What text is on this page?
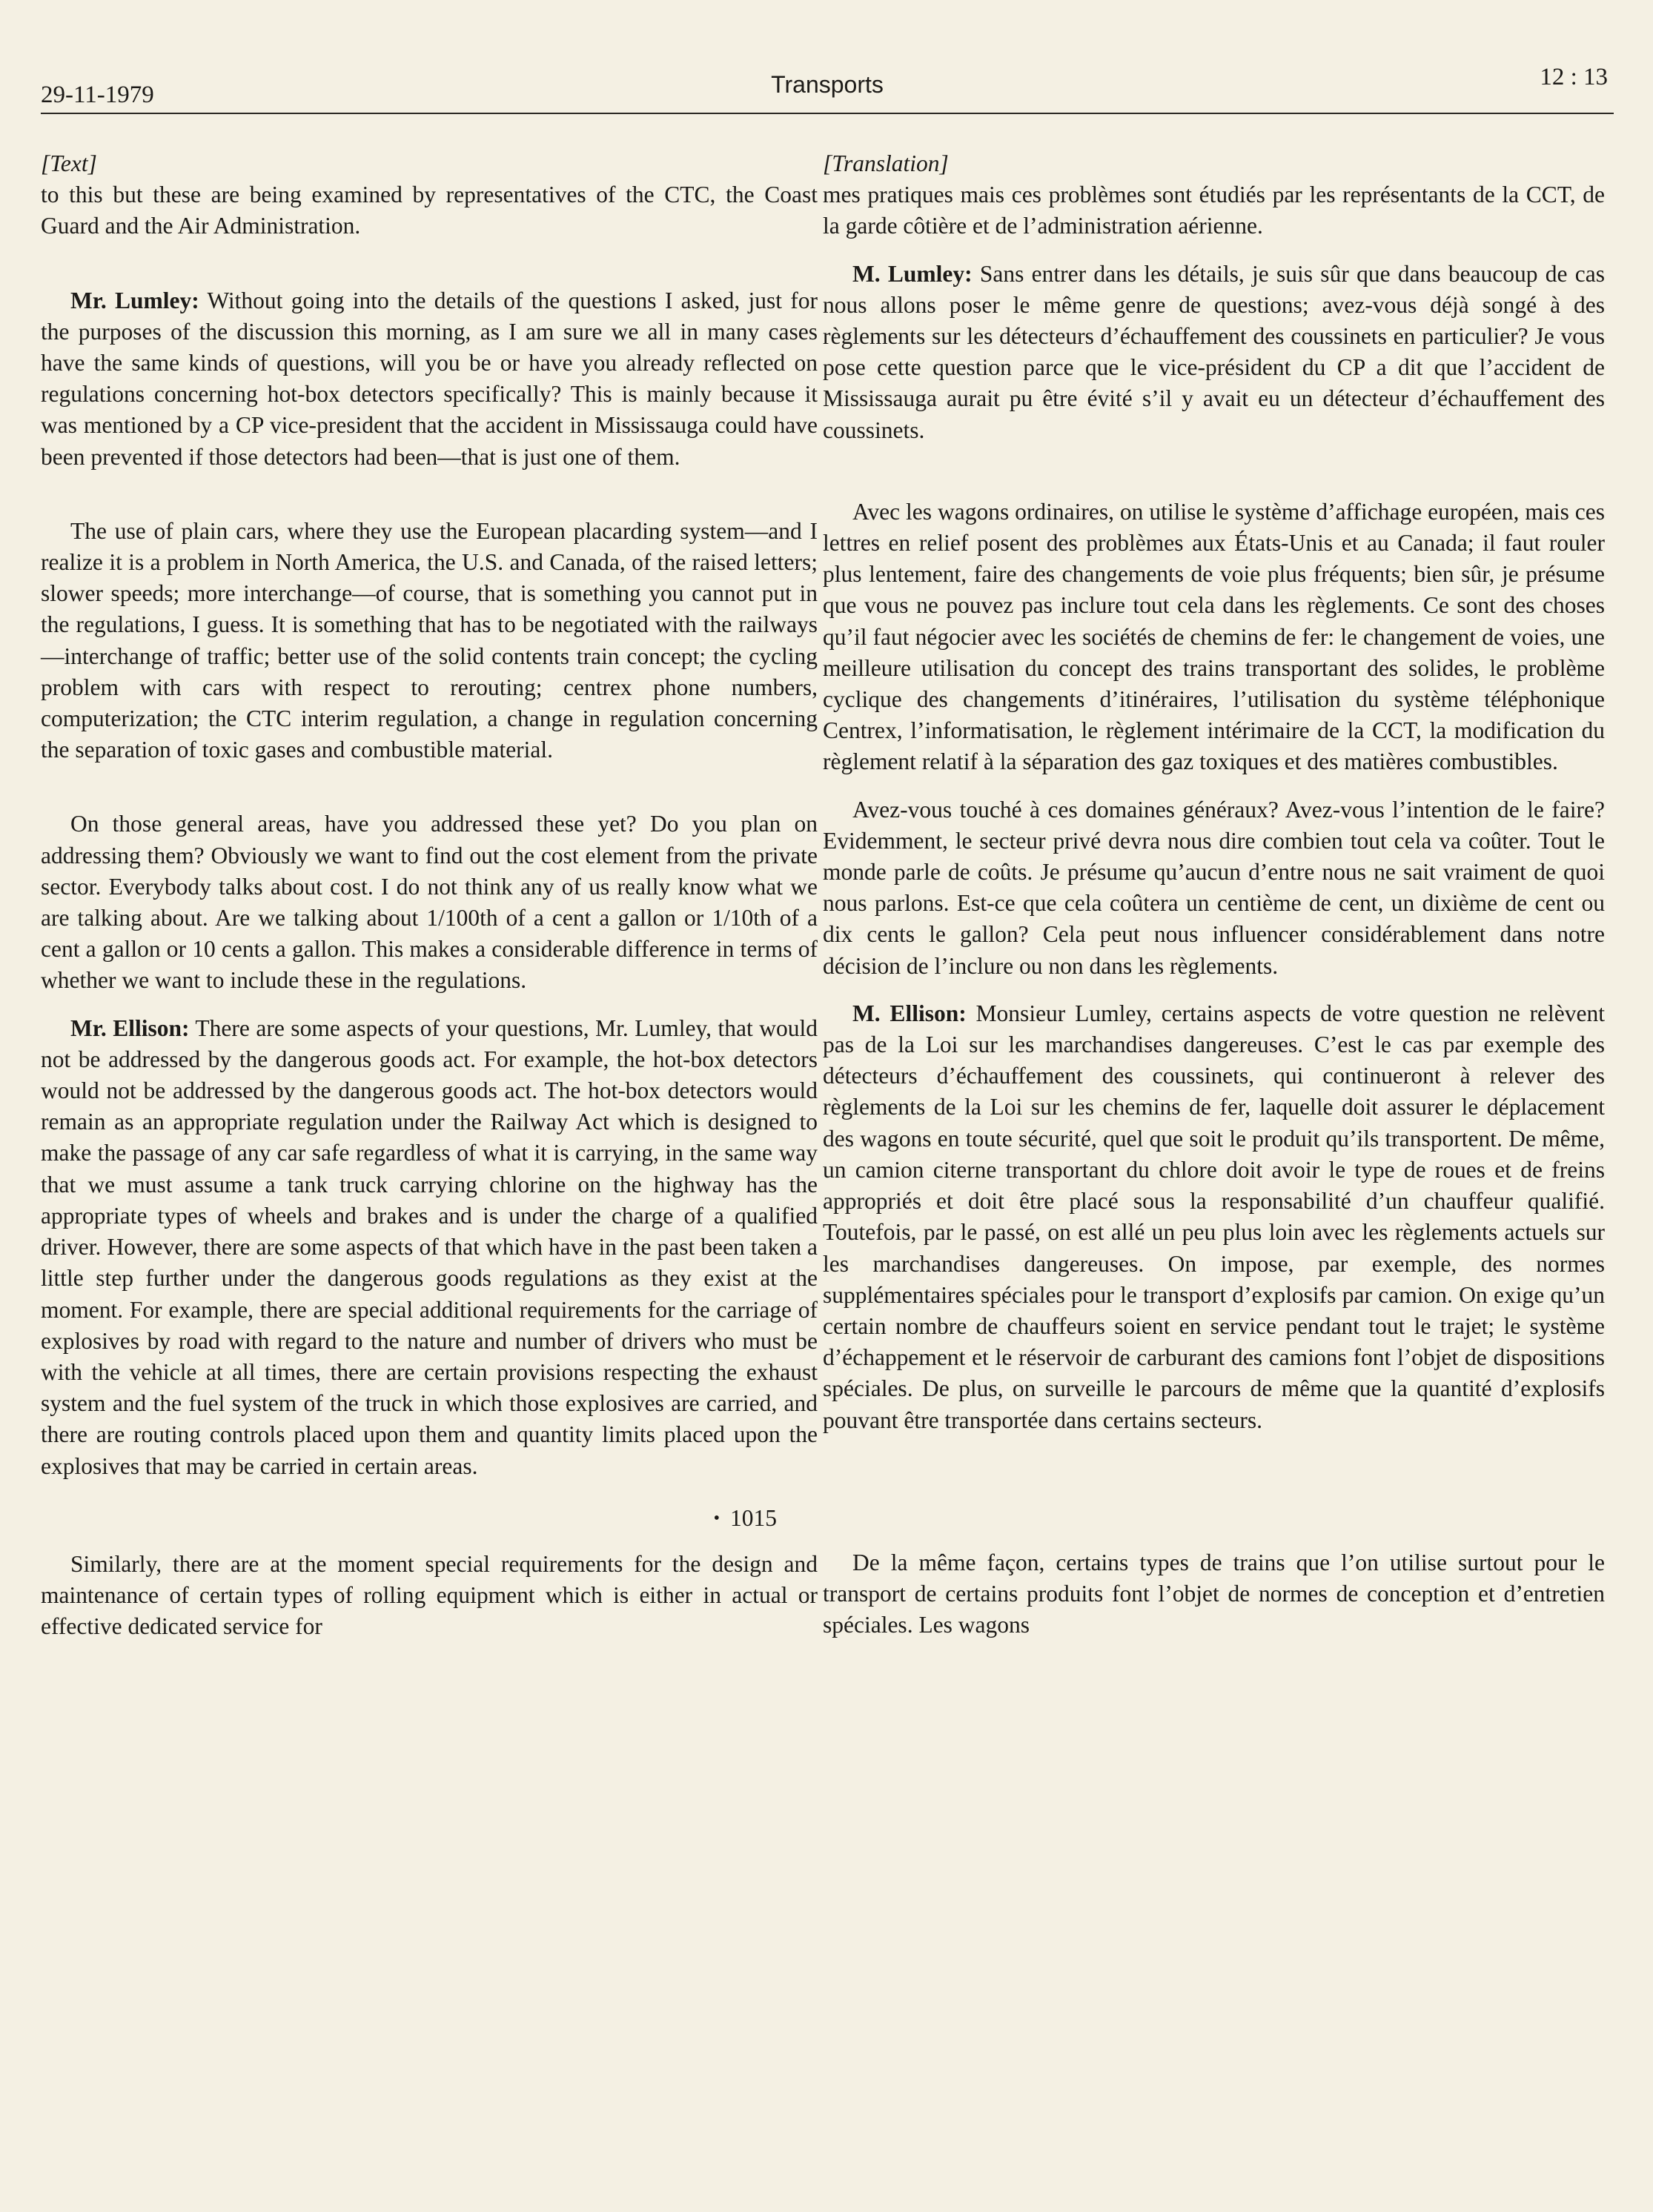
29-11-1979	Transports	12 : 13

[Text]

to this but these are being examined by representatives of the CTC, the Coast Guard and the Air Administration.

Mr. Lumley: Without going into the details of the questions I asked, just for the purposes of the discussion this morning, as I am sure we all in many cases have the same kinds of questions, will you be or have you already reflected on regulations concerning hot-box detectors specifically? This is mainly because it was mentioned by a CP vice-president that the accident in Mississauga could have been prevented if those detectors had been—that is just one of them.

The use of plain cars, where they use the European placarding system—and I realize it is a problem in North America, the U.S. and Canada, of the raised letters; slower speeds; more interchange—of course, that is something you cannot put in the regulations, I guess. It is something that has to be negotiated with the railways—interchange of traffic; better use of the solid contents train concept; the cycling problem with cars with respect to rerouting; centrex phone numbers, computerization; the CTC interim regulation, a change in regulation concerning the separation of toxic gases and combustible material.

On those general areas, have you addressed these yet? Do you plan on addressing them? Obviously we want to find out the cost element from the private sector. Everybody talks about cost. I do not think any of us really know what we are talking about. Are we talking about 1/100th of a cent a gallon or 1/10th of a cent a gallon or 10 cents a gallon. This makes a considerable difference in terms of whether we want to include these in the regulations.

Mr. Ellison: There are some aspects of your questions, Mr. Lumley, that would not be addressed by the dangerous goods act. For example, the hot-box detectors would not be addressed by the dangerous goods act. The hot-box detectors would remain as an appropriate regulation under the Railway Act which is designed to make the passage of any car safe regardless of what it is carrying, in the same way that we must assume a tank truck carrying chlorine on the highway has the appropriate types of wheels and brakes and is under the charge of a qualified driver. However, there are some aspects of that which have in the past been taken a little step further under the dangerous goods regulations as they exist at the moment. For example, there are special additional requirements for the carriage of explosives by road with regard to the nature and number of drivers who must be with the vehicle at all times, there are certain provisions respecting the exhaust system and the fuel system of the truck in which those explosives are carried, and there are routing controls placed upon them and quantity limits placed upon the explosives that may be carried in certain areas.

• 1015

Similarly, there are at the moment special requirements for the design and maintenance of certain types of rolling equipment which is either in actual or effective dedicated service for

[Translation]

mes pratiques mais ces problèmes sont étudiés par les représentants de la CCT, de la garde côtière et de l’administration aérienne.

M. Lumley: Sans entrer dans les détails, je suis sûr que dans beaucoup de cas nous allons poser le même genre de questions; avez-vous déjà songé à des règlements sur les détecteurs d’échauffement des coussinets en particulier? Je vous pose cette question parce que le vice-président du CP a dit que l’accident de Mississauga aurait pu être évité s’il y avait eu un détecteur d’échauffement des coussinets.

Avec les wagons ordinaires, on utilise le système d’affichage européen, mais ces lettres en relief posent des problèmes aux États-Unis et au Canada; il faut rouler plus lentement, faire des changements de voie plus fréquents; bien sûr, je présume que vous ne pouvez pas inclure tout cela dans les règlements. Ce sont des choses qu’il faut négocier avec les sociétés de chemins de fer: le changement de voies, une meilleure utilisation du concept des trains transportant des solides, le problème cyclique des changements d’itinéraires, l’utilisation du système téléphonique Centrex, l’informatisation, le règlement intérimaire de la CCT, la modification du règlement relatif à la séparation des gaz toxiques et des matières combustibles.

Avez-vous touché à ces domaines généraux? Avez-vous l’intention de le faire? Evidemment, le secteur privé devra nous dire combien tout cela va coûter. Tout le monde parle de coûts. Je présume qu’aucun d’entre nous ne sait vraiment de quoi nous parlons. Est-ce que cela coûtera un centième de cent, un dixième de cent ou dix cents le gallon? Cela peut nous influencer considérablement dans notre décision de l’inclure ou non dans les règlements.

M. Ellison: Monsieur Lumley, certains aspects de votre question ne relèvent pas de la Loi sur les marchandises dangereuses. C’est le cas par exemple des détecteurs d’échauffement des coussinets, qui continueront à relever des règlements de la Loi sur les chemins de fer, laquelle doit assurer le déplacement des wagons en toute sécurité, quel que soit le produit qu’ils transportent. De même, un camion citerne transportant du chlore doit avoir le type de roues et de freins appropriés et doit être placé sous la responsabilité d’un chauffeur qualifié. Toutefois, par le passé, on est allé un peu plus loin avec les règlements actuels sur les marchandises dangereuses. On impose, par exemple, des normes supplémentaires spéciales pour le transport d’explosifs par camion. On exige qu’un certain nombre de chauffeurs soient en service pendant tout le trajet; le système d’échappement et le réservoir de carburant des camions font l’objet de dispositions spéciales. De plus, on surveille le parcours de même que la quantité d’explosifs pouvant être transportée dans certains secteurs.

De la même façon, certains types de trains que l’on utilise surtout pour le transport de certains produits font l’objet de normes de conception et d’entretien spéciales. Les wagons
